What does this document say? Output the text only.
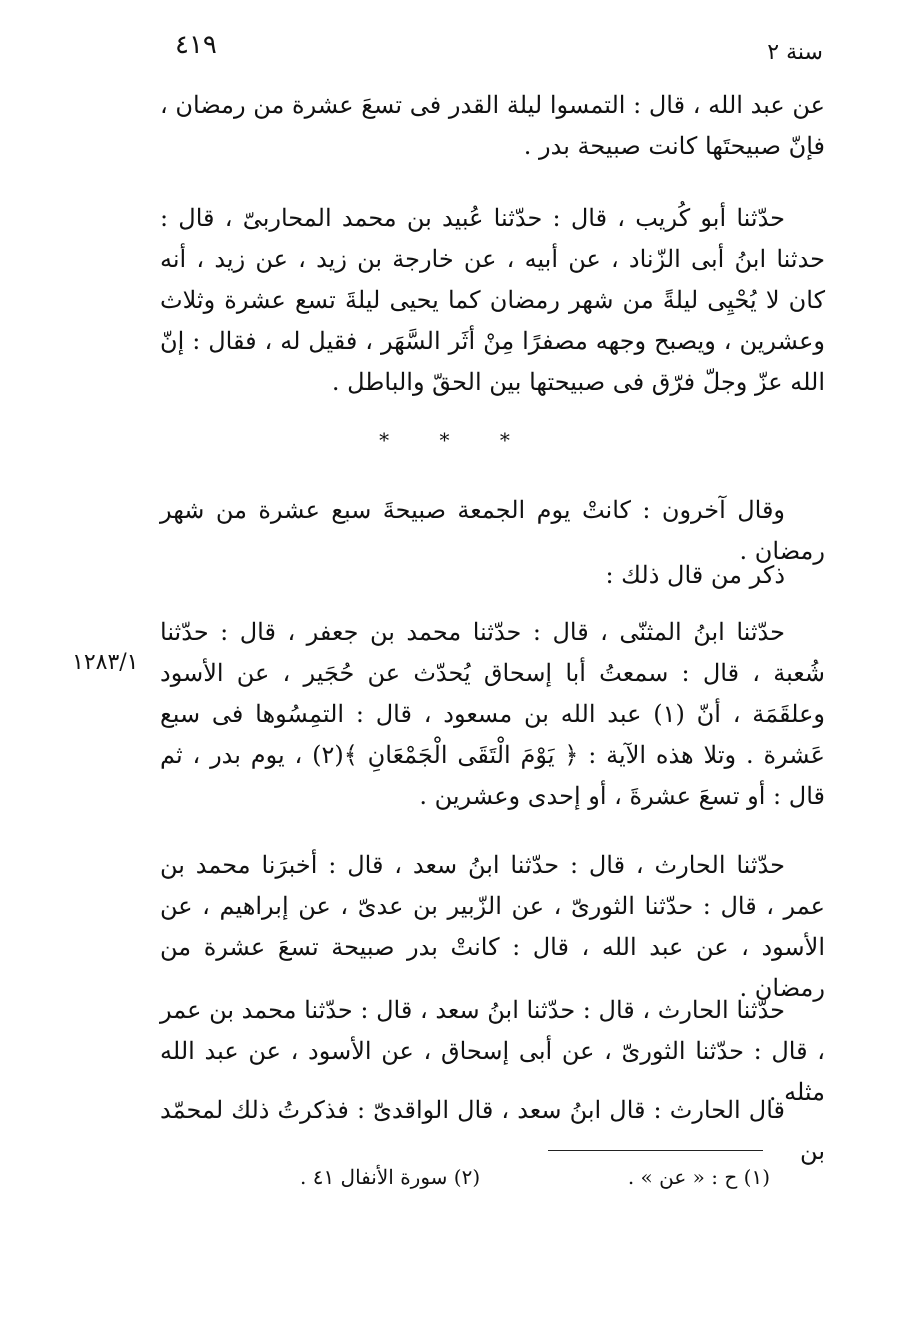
سنة ٢
٤١٩

عن عبد الله ، قال : التمسوا ليلة القدر فى تسعَ عشرة من رمضان ، فإنّ صبيحتَها كانت صبيحة بدر .

حدّثنا أبو كُريب ، قال : حدّثنا عُبيد بن محمد المحاربىّ ، قال : حدثنا ابنُ أبى الزّناد ، عن أبيه ، عن خارجة بن زيد ، عن زيد ، أنه كان لا يُحْيِى ليلةً من شهر رمضان كما يحيى ليلةَ تسع عشرة وثلاث وعشرين ، ويصبح وجهه مصفرًا مِنْ أثَر السَّهَر ، فقيل له ، فقال : إنّ الله عزّ وجلّ فرّق فى صبيحتها بين الحقّ والباطل .

* * *

وقال آخرون : كانتْ يوم الجمعة صبيحةَ سبع عشرة من شهر رمضان .

ذكر من قال ذلك :

١٢٨٣/١

حدّثنا ابنُ المثنّى ، قال : حدّثنا محمد بن جعفر ، قال : حدّثنا شُعبة ، قال : سمعتُ أبا إسحاق يُحدّث عن حُجَير ، عن الأسود وعلقَمَة ، أنّ (١) عبد الله بن مسعود ، قال : التمِسُوها فى سبع عَشرة . وتلا هذه الآية : ﴿ يَوْمَ الْتَقَى الْجَمْعَانِ ﴾(٢) ، يوم بدر ، ثم قال : أو تسعَ عشرةَ ، أو إحدى وعشرين .

حدّثنا الحارث ، قال : حدّثنا ابنُ سعد ، قال : أخبرَنا محمد بن عمر ، قال : حدّثنا الثورىّ ، عن الزّبير بن عدىّ ، عن إبراهيم ، عن الأسود ، عن عبد الله ، قال : كانتْ بدر صبيحة تسعَ عشرة من رمضان .

حدّثنا الحارث ، قال : حدّثنا ابنُ سعد ، قال : حدّثنا محمد بن عمر ، قال : حدّثنا الثورىّ ، عن أبى إسحاق ، عن الأسود ، عن عبد الله مثله .

قال الحارث : قال ابنُ سعد ، قال الواقدىّ : فذكرتُ ذلك لمحمّد بن

(١) ح : « عن » .
(٢) سورة الأنفال ٤١ .
